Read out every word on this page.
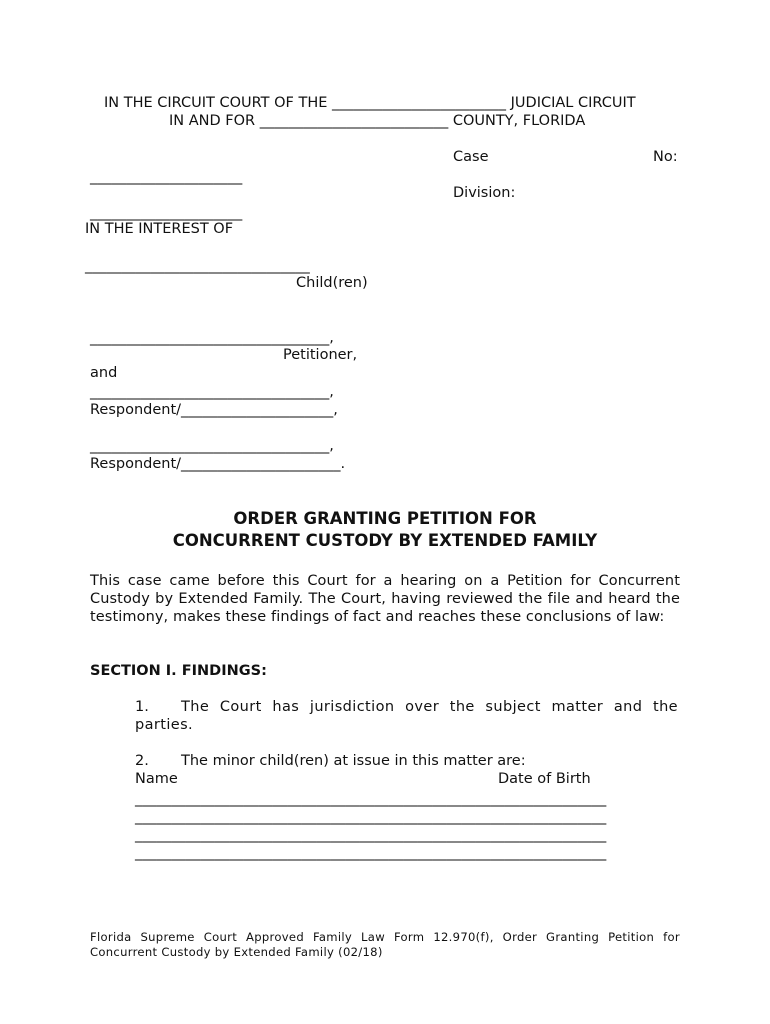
IN THE CIRCUIT COURT OF THE ________________________ JUDICIAL CIRCUIT
IN AND FOR __________________________ COUNTY, FLORIDA
Case	No:
_____________________
Division:
_____________________
IN THE INTEREST OF
_______________________________
Child(ren)
_________________________________,
Petitioner,
and
_________________________________,
Respondent/_____________________,
_________________________________,
Respondent/______________________.
ORDER GRANTING PETITION FOR
CONCURRENT CUSTODY BY EXTENDED FAMILY
This case came before this Court for a hearing on a Petition for Concurrent Custody by Extended Family. The Court, having reviewed the file and heard the testimony, makes these findings of fact and reaches these conclusions of law:
SECTION I. FINDINGS:
1.	The Court has jurisdiction over the subject matter and the parties.
2. The minor child(ren) at issue in this matter are:
Name	Date of Birth
_________________________________________________________________
_________________________________________________________________
_________________________________________________________________
_________________________________________________________________
Florida Supreme Court Approved Family Law Form 12.970(f), Order Granting Petition for Concurrent Custody by Extended Family (02/18)
